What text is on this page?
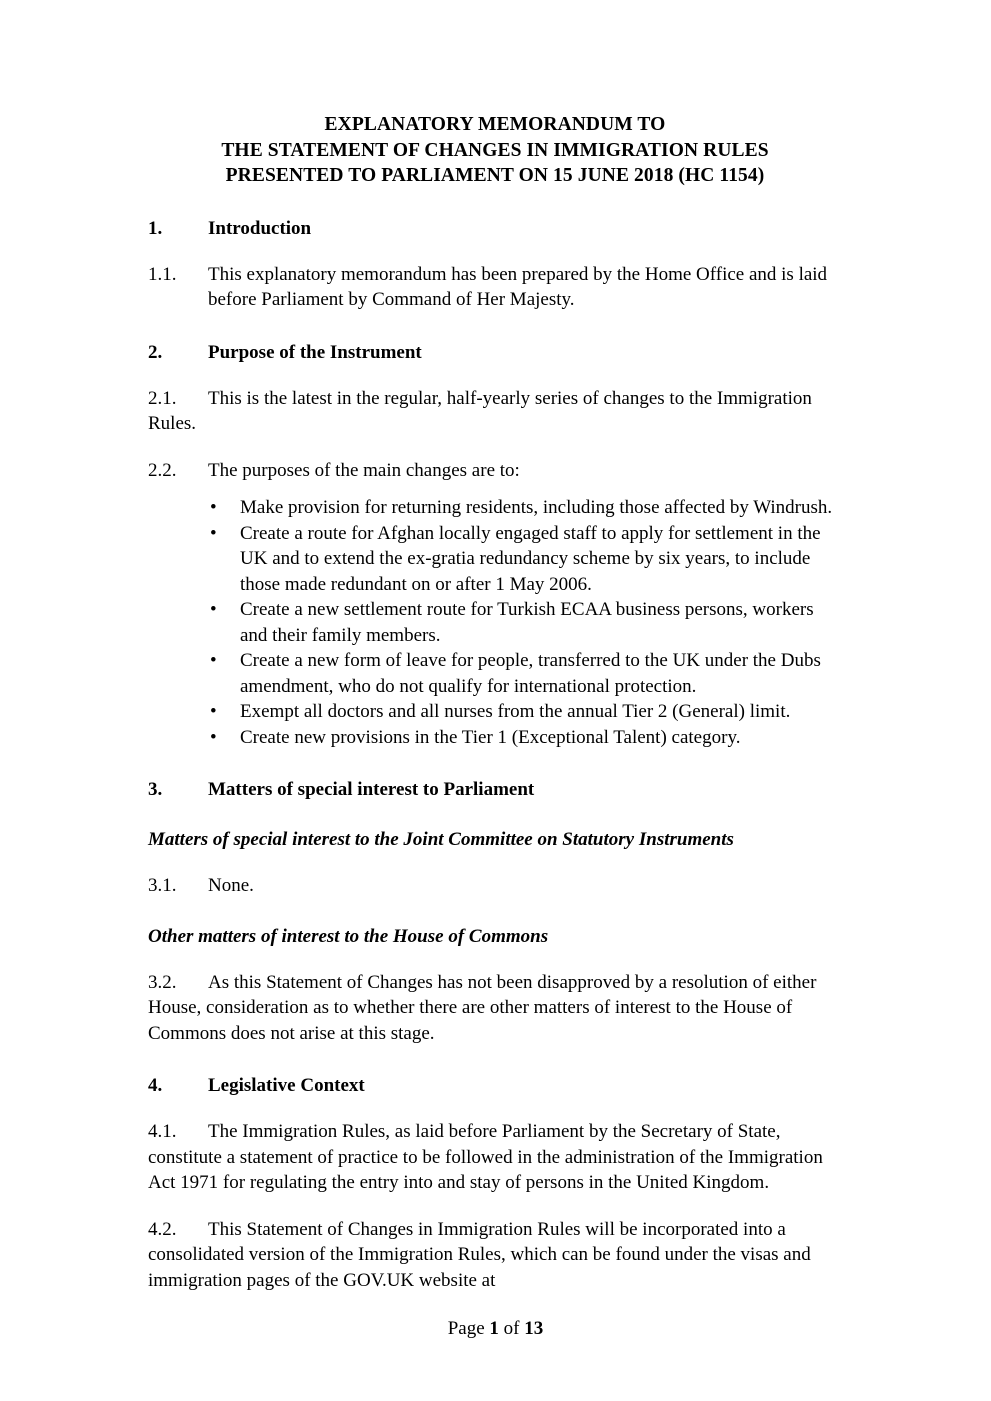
EXPLANATORY MEMORANDUM TO
THE STATEMENT OF CHANGES IN IMMIGRATION RULES
PRESENTED TO PARLIAMENT ON 15 JUNE 2018 (HC 1154)
1.	Introduction
1.1.	This explanatory memorandum has been prepared by the Home Office and is laid before Parliament by Command of Her Majesty.
2.	Purpose of the Instrument
2.1. This is the latest in the regular, half-yearly series of changes to the Immigration Rules.
2.2. The purposes of the main changes are to:
•	Make provision for returning residents, including those affected by Windrush.
•	Create a route for Afghan locally engaged staff to apply for settlement in the UK and to extend the ex-gratia redundancy scheme by six years, to include those made redundant on or after 1 May 2006.
•	Create a new settlement route for Turkish ECAA business persons, workers and their family members.
•	Create a new form of leave for people, transferred to the UK under the Dubs amendment, who do not qualify for international protection.
•	Exempt all doctors and all nurses from the annual Tier 2 (General) limit.
•	Create new provisions in the Tier 1 (Exceptional Talent) category.
3.	Matters of special interest to Parliament
Matters of special interest to the Joint Committee on Statutory Instruments
3.1. None.
Other matters of interest to the House of Commons
3.2. As this Statement of Changes has not been disapproved by a resolution of either House, consideration as to whether there are other matters of interest to the House of Commons does not arise at this stage.
4.	Legislative Context
4.1. The Immigration Rules, as laid before Parliament by the Secretary of State, constitute a statement of practice to be followed in the administration of the Immigration Act 1971 for regulating the entry into and stay of persons in the United Kingdom.
4.2. This Statement of Changes in Immigration Rules will be incorporated into a consolidated version of the Immigration Rules, which can be found under the visas and immigration pages of the GOV.UK website at
Page 1 of 13
